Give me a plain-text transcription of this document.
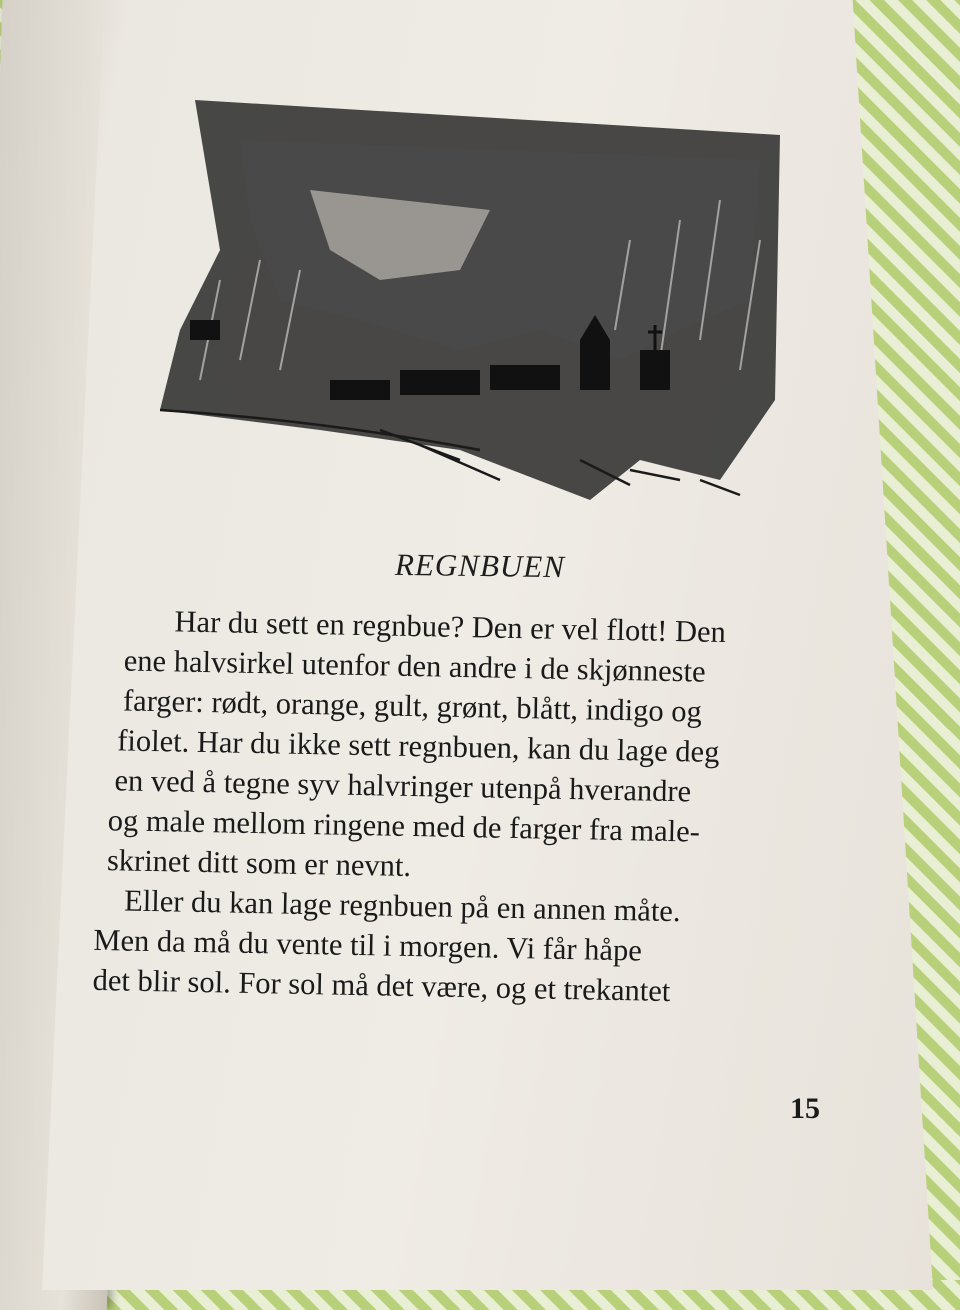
REGNBUEN
Har du sett en regnbue? Den er vel flott! Den
ene halvsirkel utenfor den andre i de skjønneste
farger: rødt, orange, gult, grønt, blått, indigo og
fiolet. Har du ikke sett regnbuen, kan du lage deg
en ved å tegne syv halvringer utenpå hverandre
og male mellom ringene med de farger fra male-
skrinet ditt som er nevnt.
Eller du kan lage regnbuen på en annen måte.
Men da må du vente til i morgen. Vi får håpe
det blir sol. For sol må det være, og et trekantet
15
